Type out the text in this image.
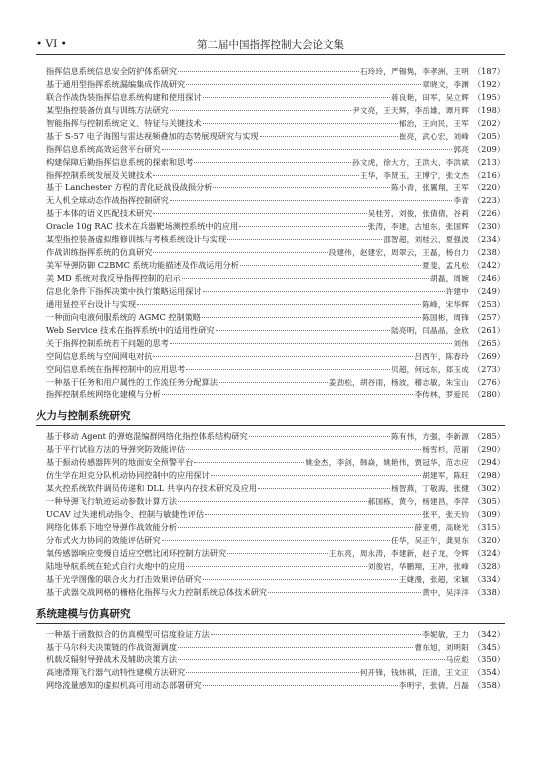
• VI •	第二届中国指挥控制大会论文集
指挥信息系统信息安全防护体系研究	石玲玲，严锡隽，李孝洲，王明 （187）
基于通用型指挥系统漏编集成作战研究	章晓文，李渊 （192）
联合作战伪装指挥信息系统构建和使用探讨	蒋良艳，田军，吴立辉 （195）
某型指控装备仿真与训练方法研究	尹文亮，王天辉，李岳雄，谭月辉 （198）
智能指挥与控制系统定义、特征与关键技术	郁治，王向民，王军 （202）
基于 S-57 电子海图与雷达视频叠加的态势展现研究与实现	崔亮，武心宏，刘峰 （205）
指挥信息系统高效运营平台研究	郭亮 （209）
构建保障后勤指挥信息系统的探索和思考	孙文虎，徐大方，王洪大，李洪斌 （213）
指挥控制系统发展及关键技术	王华，李贤玉，王博宁，张文杰 （216）
基于 Lanchester 方程的青化砭战役战损分析	陈小青，张翼翔，王军 （220）
无人机全球动态作战指挥控制研究	李青 （223）
基于本体的语义匹配技术研究	吴桂芳，刘俊，张倩倩，谷莉 （226）
Oracle 10g RAC 技术在兵器靶场测控系统中的应用	张涛，李建，古旭东，张国辉 （230）
某型指控装备虚拟维修训练与考核系统设计与实现	邵智超，刘桂云，夏强波 （234）
作战训练指挥系统的仿真研究	段建伟，赵建宏，周翠云，王磊，杨自力 （238）
美军导弹防御 C2BMC 系统功能描述及作战运用分析	夏斐，孟凡松 （242）
美 MD 系统对我反导指挥控制的启示	胡磊，周婉 （246）
信息化条件下指挥决策中执行策略运用探讨	许建中 （249）
通用显控平台设计与实现	陈峰，宋华辉 （253）
一种面向电液伺服系统的 AGMC 控制策略	陈国彬，周锋 （257）
Web Service 技术在指挥系统中的适用性研究	陆亮明，闫晶晶，金欣 （261）
关于指挥控制系统若干问题的思考	刘伟 （265）
空间信息系统与空间网电对抗	吕西午，陈春玲 （269）
空间信息系统在指挥控制中的应用思考	贝超，何远东，郑玉成 （273）
一种基于任务和用户属性的工作流任务分配算法	姜劲松，胡谷雨，杨波，稽志敏，朱宝山 （276）
指挥控制系统网络化建模与分析	李传林，罗爱民 （280）
火力与控制系统研究
基于移动 Agent 的弹炮混编群网络化指控体系结构研究	陈有伟，方强，李新源 （285）
基于平行试验方法的导弹突防效能评估	杨雪杉，范丽 （290）
基于振动传感器阵列的地面安全预警平台	姚金杰，李剑，韩焱，姚艳伟，贾冠华，范志应 （294）
仿生学在坦克分队机动协同控制中的应用探讨	胡建军，陈旺 （298）
某火控系统软件调员传递和 DLL 共享内存技术研究及应用	杨智燕，丁敬海，张健 （302）
一种导弹飞行轨迹运动参数计算方法	郝国栋，黄今，杨建昌，李萍 （305）
UCAV 过失速机动指令、控制与敏捷性评估	张平，张天钧 （309）
网络化体系下地空导弹作战效能分析	薛亚勇，高晓光 （315）
分布式火力协同的效能评估研究	任华，吴正午，龚昊东 （320）
氧传感器响应变慢自适应空燃比闭环控制方法研究	王东亮，周永涛，李建新，赵子龙，令辉 （324）
陆地导航系统在轮式自行火炮中的应用	刘俊岩，华鹏翔，王冲，张峰 （328）
基于光学图像的联合火力打击效果评估研究	王婕漫，张超，宋颖 （334）
基于武器交战网格的栅格化指挥与火力控制系统总体技术研究	黄中，吴洋洋 （338）
系统建模与仿真研究
一种基于函数拟合的仿真模型可信度验证方法	李妮敏，王力 （342）
基于马尔科夫决策链的作战资源调度	曹东旭，刘明阳 （345）
机载反辐射导弹战术及辅助决策方法	马应彪 （350）
高速滑翔飞行器气动特性建模方法研究	何开锋，钱炜祺，汪清，王文正 （354）
网络流量感知的虚拟机高可用动态部署研究	李明宇，张倩，吕磊 （358）
